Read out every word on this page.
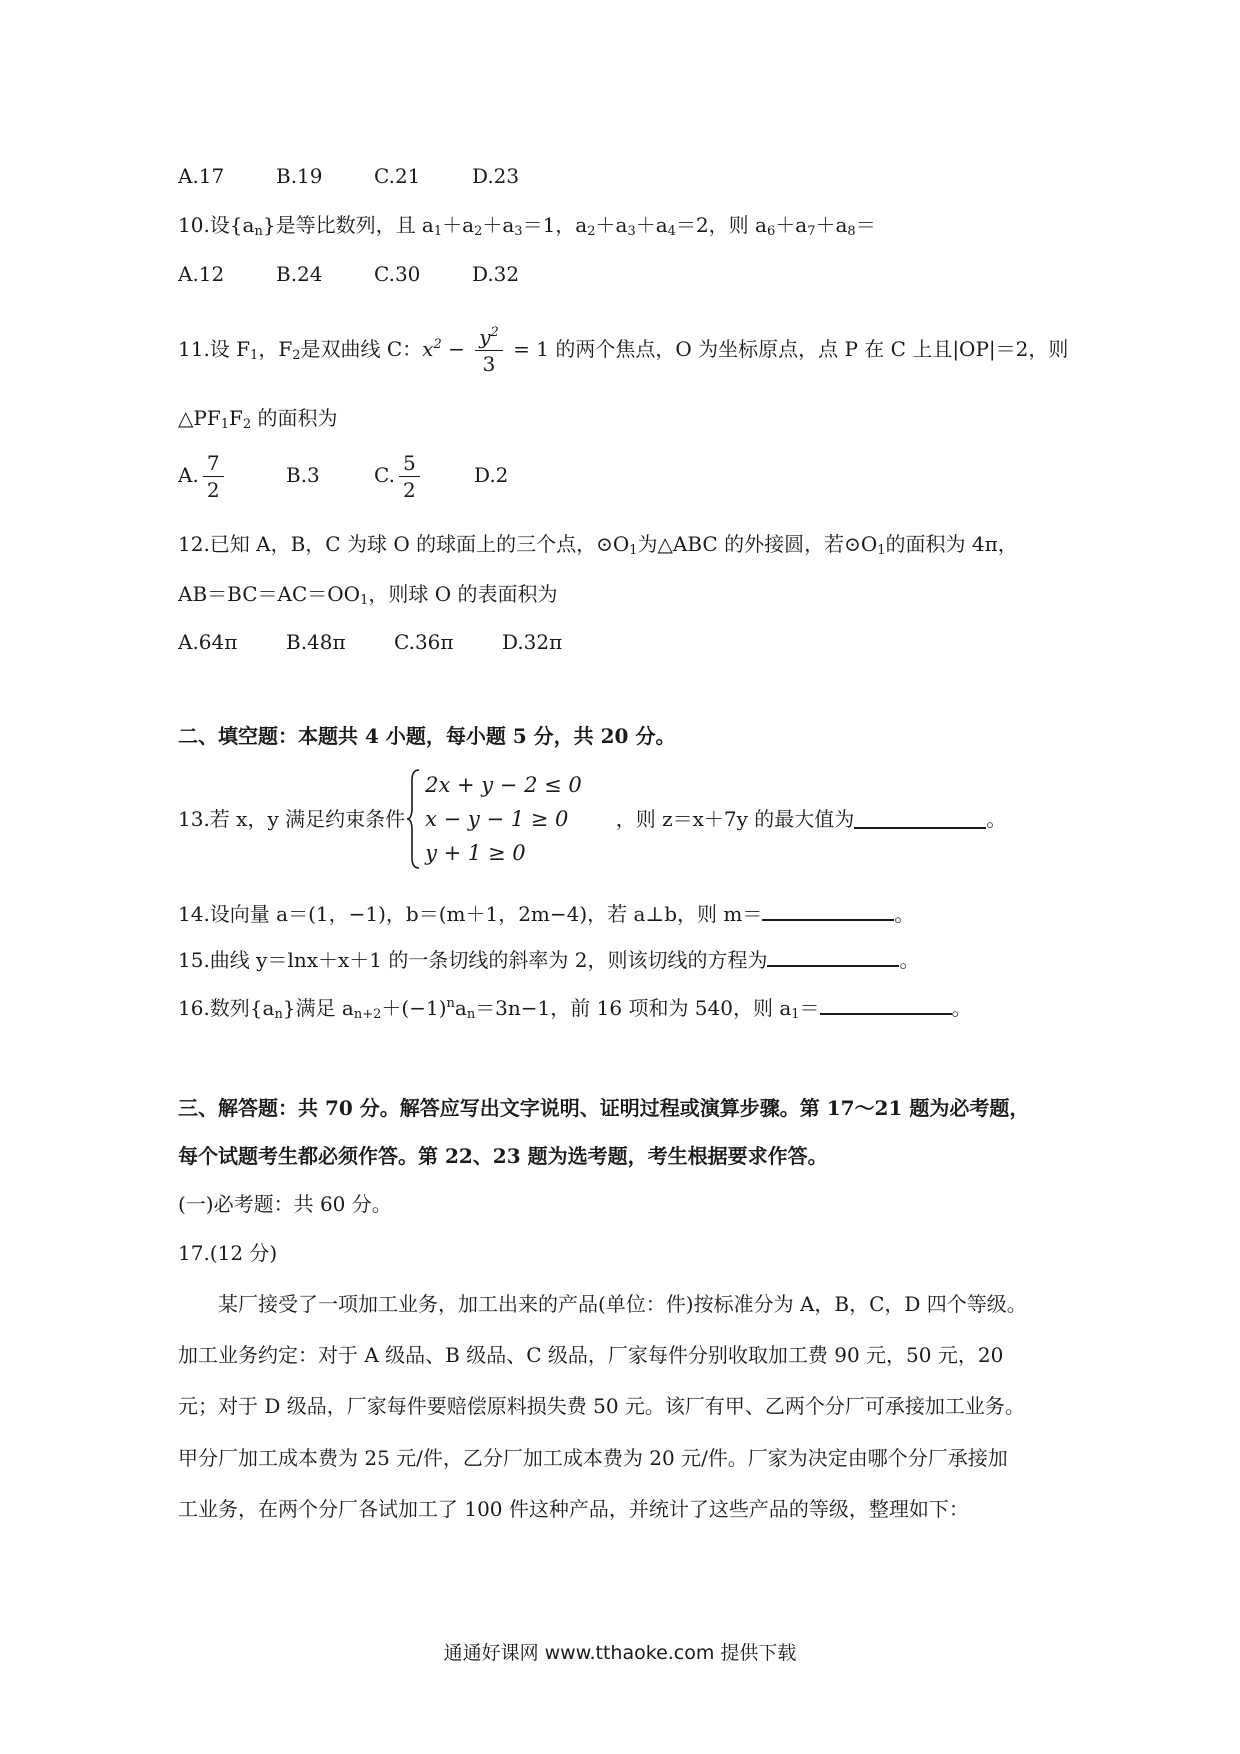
A.17	B.19	C.21	D.23
10.设$\{a_n\}$是等比数列，且 $a_1+a_2+a_3=1$，$a_2+a_3+a_4=2$，则 $a_6+a_7+a_8=$
A.12	B.24	C.30	D.32
11.设 $F_1$，$F_2$是双曲线 C：$x^2 - \frac{y^2}{3} = 1$ 的两个焦点，O 为坐标原点，点 P 在 C 上且|OP|＝2，则
$\triangle PF_1F_2$ 的面积为
A. $\frac{7}{2}$	B.3	C. $\frac{5}{2}$	D.2
12.已知 A，B，C 为球 O 的球面上的三个点，$⊙O_1$为△ABC 的外接圆，若$⊙O_1$的面积为 4π，
$AB=BC=AC=OO_1$，则球 O 的表面积为
A.64π B.48π C.36π D.32π
二、填空题：本题共 4 小题，每小题 5 分，共 20 分。
13.若 x，y 满足约束条件
2x + y − 2 ≤ 0
x − y − 1 ≥ 0
y + 1 ≥ 0
，则 z＝x＋7y 的最大值为	。
14.设向量 a＝(1，−1)，b＝(m＋1，2m−4)，若 a⊥b，则 m＝	。
15.曲线 y＝lnx＋x＋1 的一条切线的斜率为 2，则该切线的方程为	。
16.数列$\{a_n\}$满足 $a_{n+2}+(-1)^na_n=3n-1$，前 16 项和为 540，则 $a_1=$	。
三、解答题：共 70 分。解答应写出文字说明、证明过程或演算步骤。第 17～21 题为必考题，
每个试题考生都必须作答。第 22、23 题为选考题，考生根据要求作答。
(一)必考题：共 60 分。
17.(12 分)
某厂接受了一项加工业务，加工出来的产品(单位：件)按标准分为 A，B，C，D 四个等级。
加工业务约定：对于 A 级品、B 级品、C 级品，厂家每件分别收取加工费 90 元，50 元，20
元；对于 D 级品，厂家每件要赔偿原料损失费 50 元。该厂有甲、乙两个分厂可承接加工业务。
甲分厂加工成本费为 25 元/件，乙分厂加工成本费为 20 元/件。厂家为决定由哪个分厂承接加
工业务，在两个分厂各试加工了 100 件这种产品，并统计了这些产品的等级，整理如下：
通通好课网 www.tthaoke.com 提供下载
